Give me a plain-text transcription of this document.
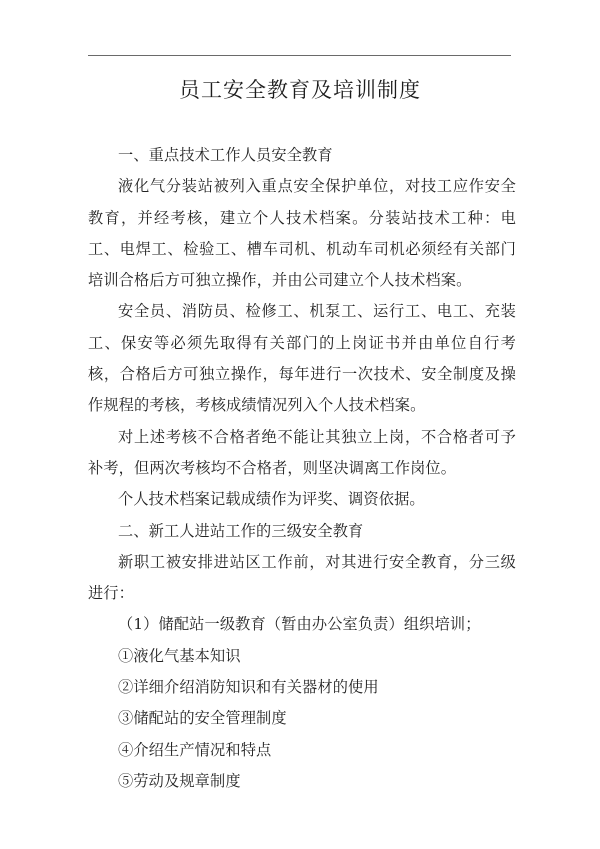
员工安全教育及培训制度

一、重点技术工作人员安全教育

液化气分装站被列入重点安全保护单位，对技工应作安全教育，并经考核，建立个人技术档案。分装站技术工种：电工、电焊工、检验工、槽车司机、机动车司机必须经有关部门培训合格后方可独立操作，并由公司建立个人技术档案。

安全员、消防员、检修工、机泵工、运行工、电工、充装工、保安等必须先取得有关部门的上岗证书并由单位自行考核，合格后方可独立操作，每年进行一次技术、安全制度及操作规程的考核，考核成绩情况列入个人技术档案。

对上述考核不合格者绝不能让其独立上岗，不合格者可予补考，但两次考核均不合格者，则坚决调离工作岗位。

个人技术档案记载成绩作为评奖、调资依据。

二、新工人进站工作的三级安全教育

新职工被安排进站区工作前，对其进行安全教育，分三级进行：

（1）储配站一级教育（暂由办公室负责）组织培训；

①液化气基本知识

②详细介绍消防知识和有关器材的使用

③储配站的安全管理制度

④介绍生产情况和特点

⑤劳动及规章制度
